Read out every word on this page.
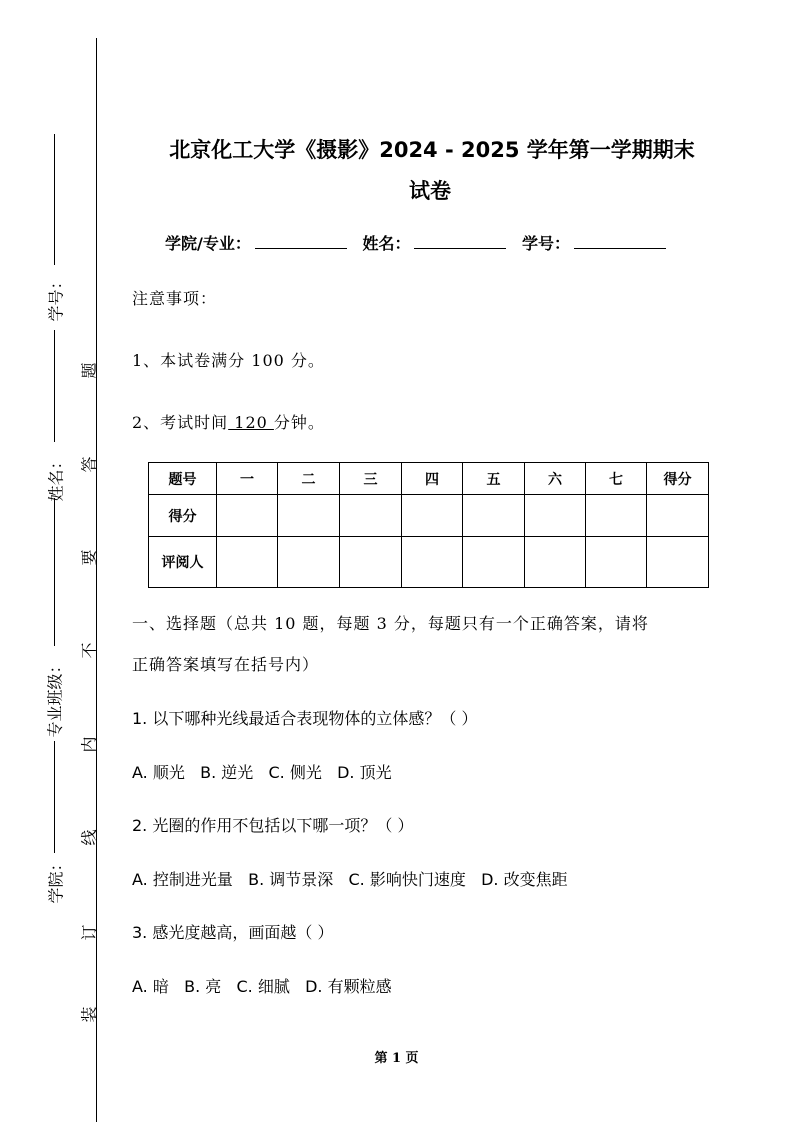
学号：
姓名：
专业班级：
学院：
题
答
要
不
内
线
订
装
北京化工大学《摄影》2024 - 2025 学年第一学期期末
试卷
学院/专业：	姓名：	学号：
注意事项：
1、本试卷满分 100 分。
2、考试时间 120 分钟。
题号	一	二	三	四	五	六	七	得分
得分								
评阅人								
一、选择题（总共 10 题，每题 3 分，每题只有一个正确答案，请将
正确答案填写在括号内）
1. 以下哪种光线最适合表现物体的立体感？（ ）
A. 顺光   B. 逆光   C. 侧光   D. 顶光
2. 光圈的作用不包括以下哪一项？（ ）
A. 控制进光量   B. 调节景深   C. 影响快门速度   D. 改变焦距
3. 感光度越高，画面越（ ）
A. 暗   B. 亮   C. 细腻   D. 有颗粒感
第 1 页
